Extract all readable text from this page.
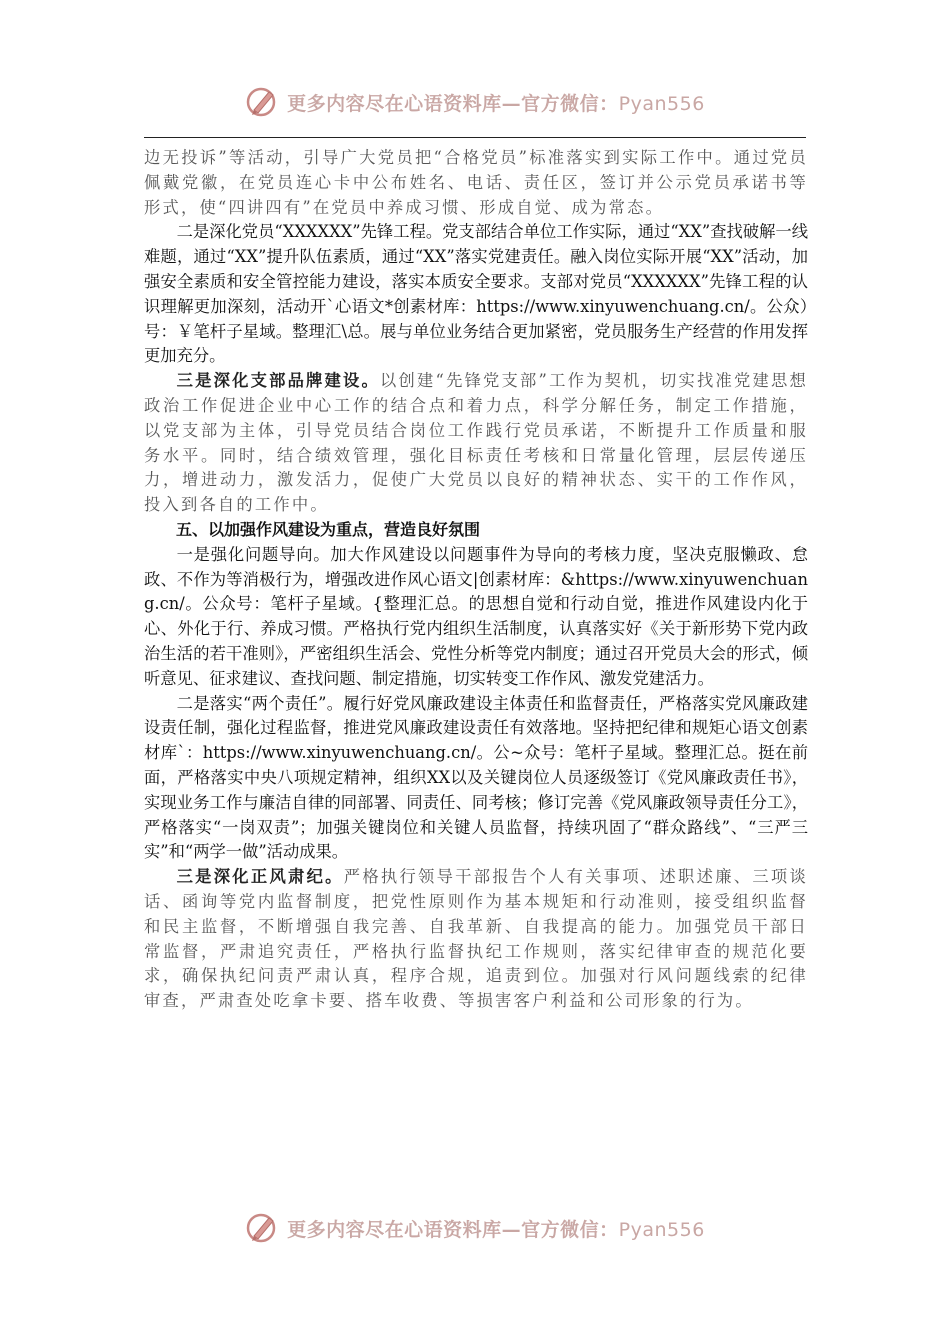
更多内容尽在心语资料库—官方微信：Pyan556

边无投诉”等活动，引导广大党员把“合格党员”标准落实到实际工作中。通过党员佩戴党徽，在党员连心卡中公布姓名、电话、责任区，签订并公示党员承诺书等形式，使“四讲四有”在党员中养成习惯、形成自觉、成为常态。

二是深化党员“XXXXXX”先锋工程。党支部结合单位工作实际，通过“XX”查找破解一线难题，通过“XX”提升队伍素质，通过“XX”落实党建责任。融入岗位实际开展“XX”活动，加强安全素质和安全管控能力建设，落实本质安全要求。支部对党员“XXXXXX”先锋工程的认识理解更加深刻，活动开`心语文*创素材库：https://www.xinyuwenchuang.cn/。公众）号：￥笔杆子星域。整理汇\总。展与单位业务结合更加紧密，党员服务生产经营的作用发挥更加充分。

三是深化支部品牌建设。以创建“先锋党支部”工作为契机，切实找准党建思想政治工作促进企业中心工作的结合点和着力点，科学分解任务，制定工作措施，以党支部为主体，引导党员结合岗位工作践行党员承诺，不断提升工作质量和服务水平。同时，结合绩效管理，强化目标责任考核和日常量化管理，层层传递压力，增进动力，激发活力，促使广大党员以良好的精神状态、实干的工作作风，投入到各自的工作中。

五、以加强作风建设为重点，营造良好氛围

一是强化问题导向。加大作风建设以问题事件为导向的考核力度，坚决克服懒政、怠政、不作为等消极行为，增强改进作风心语文|创素材库：&https://www.xinyuwenchuang.cn/。公众号：笔杆子星域。{整理汇总。的思想自觉和行动自觉，推进作风建设内化于心、外化于行、养成习惯。严格执行党内组织生活制度，认真落实好《关于新形势下党内政治生活的若干准则》，严密组织生活会、党性分析等党内制度；通过召开党员大会的形式，倾听意见、征求建议、查找问题、制定措施，切实转变工作作风、激发党建活力。

二是落实“两个责任”。履行好党风廉政建设主体责任和监督责任，严格落实党风廉政建设责任制，强化过程监督，推进党风廉政建设责任有效落地。坚持把纪律和规矩心语文创素材库`：https://www.xinyuwenchuang.cn/。公~众号：笔杆子星域。整理汇总。挺在前面，严格落实中央八项规定精神，组织XX以及关键岗位人员逐级签订《党风廉政责任书》，实现业务工作与廉洁自律的同部署、同责任、同考核；修订完善《党风廉政领导责任分工》，严格落实“一岗双责”；加强关键岗位和关键人员监督，持续巩固了“群众路线”、“三严三实”和“两学一做”活动成果。

三是深化正风肃纪。严格执行领导干部报告个人有关事项、述职述廉、三项谈话、函询等党内监督制度，把党性原则作为基本规矩和行动准则，接受组织监督和民主监督，不断增强自我完善、自我革新、自我提高的能力。加强党员干部日常监督，严肃追究责任，严格执行监督执纪工作规则，落实纪律审查的规范化要求，确保执纪问责严肃认真，程序合规，追责到位。加强对行风问题线索的纪律审查，严肃查处吃拿卡要、搭车收费、等损害客户利益和公司形象的行为。

更多内容尽在心语资料库—官方微信：Pyan556
